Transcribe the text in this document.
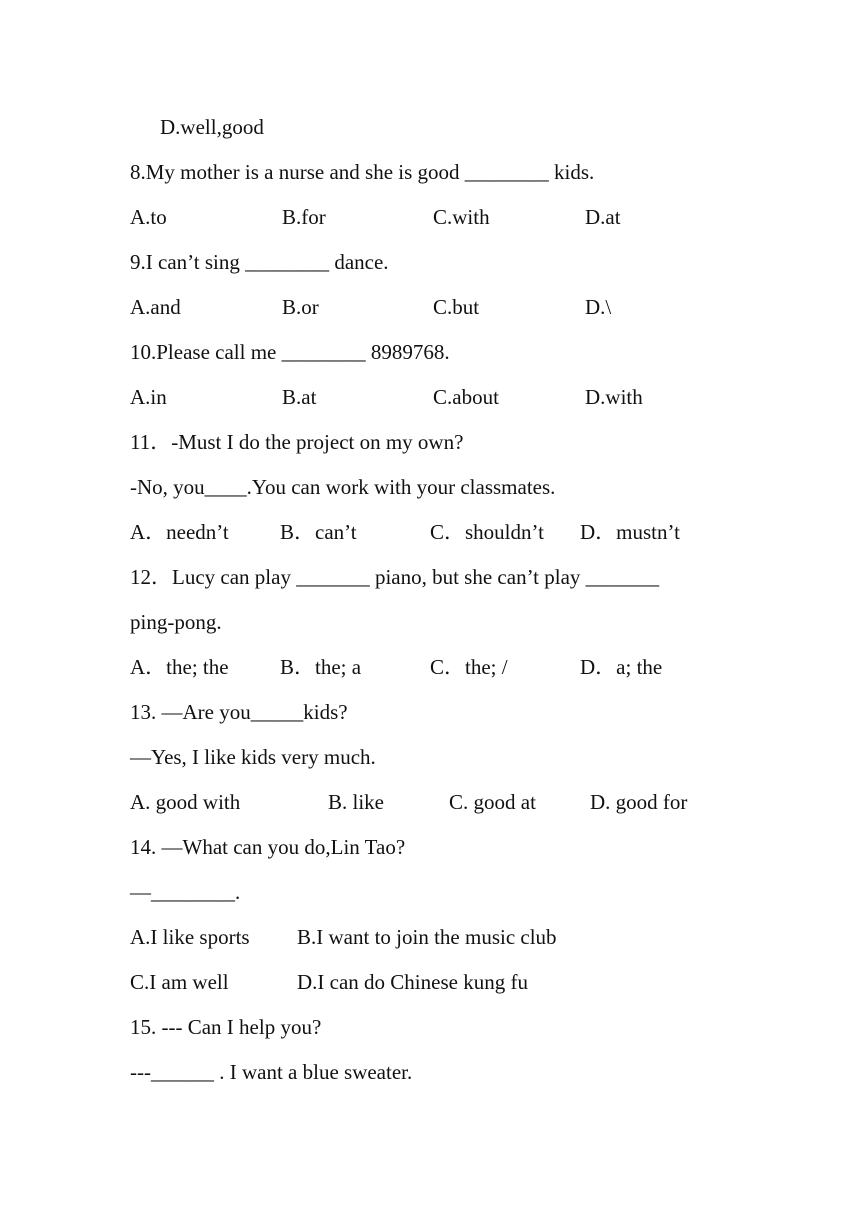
D.well,good
8.My mother is a nurse and she is good ________ kids.
A.to	B.for	C.with	D.at
9.I can’t sing ________ dance.
A.and	B.or	C.but	D.\
10.Please call me ________ 8989768.
A.in	B.at	C.about	D.with
11．-Must I do the project on my own?
-No, you____.You can work with your classmates.
A．needn’t B．can’t	C．shouldn’t D．mustn’t
12．Lucy can play _______ piano, but she can’t play _______
ping-pong.
A．the; the B．the; a	C．the; /	D．a; the
13. —Are you_____kids?
—Yes, I like kids very much.
A. good with	B. like	C. good at	D. good for
14. —What can you do,Lin Tao?
—________.
A.I like sports B.I want to join the music club
C.I am well	D.I can do Chinese kung fu
15. --- Can I help you?
---______ . I want a blue sweater.
